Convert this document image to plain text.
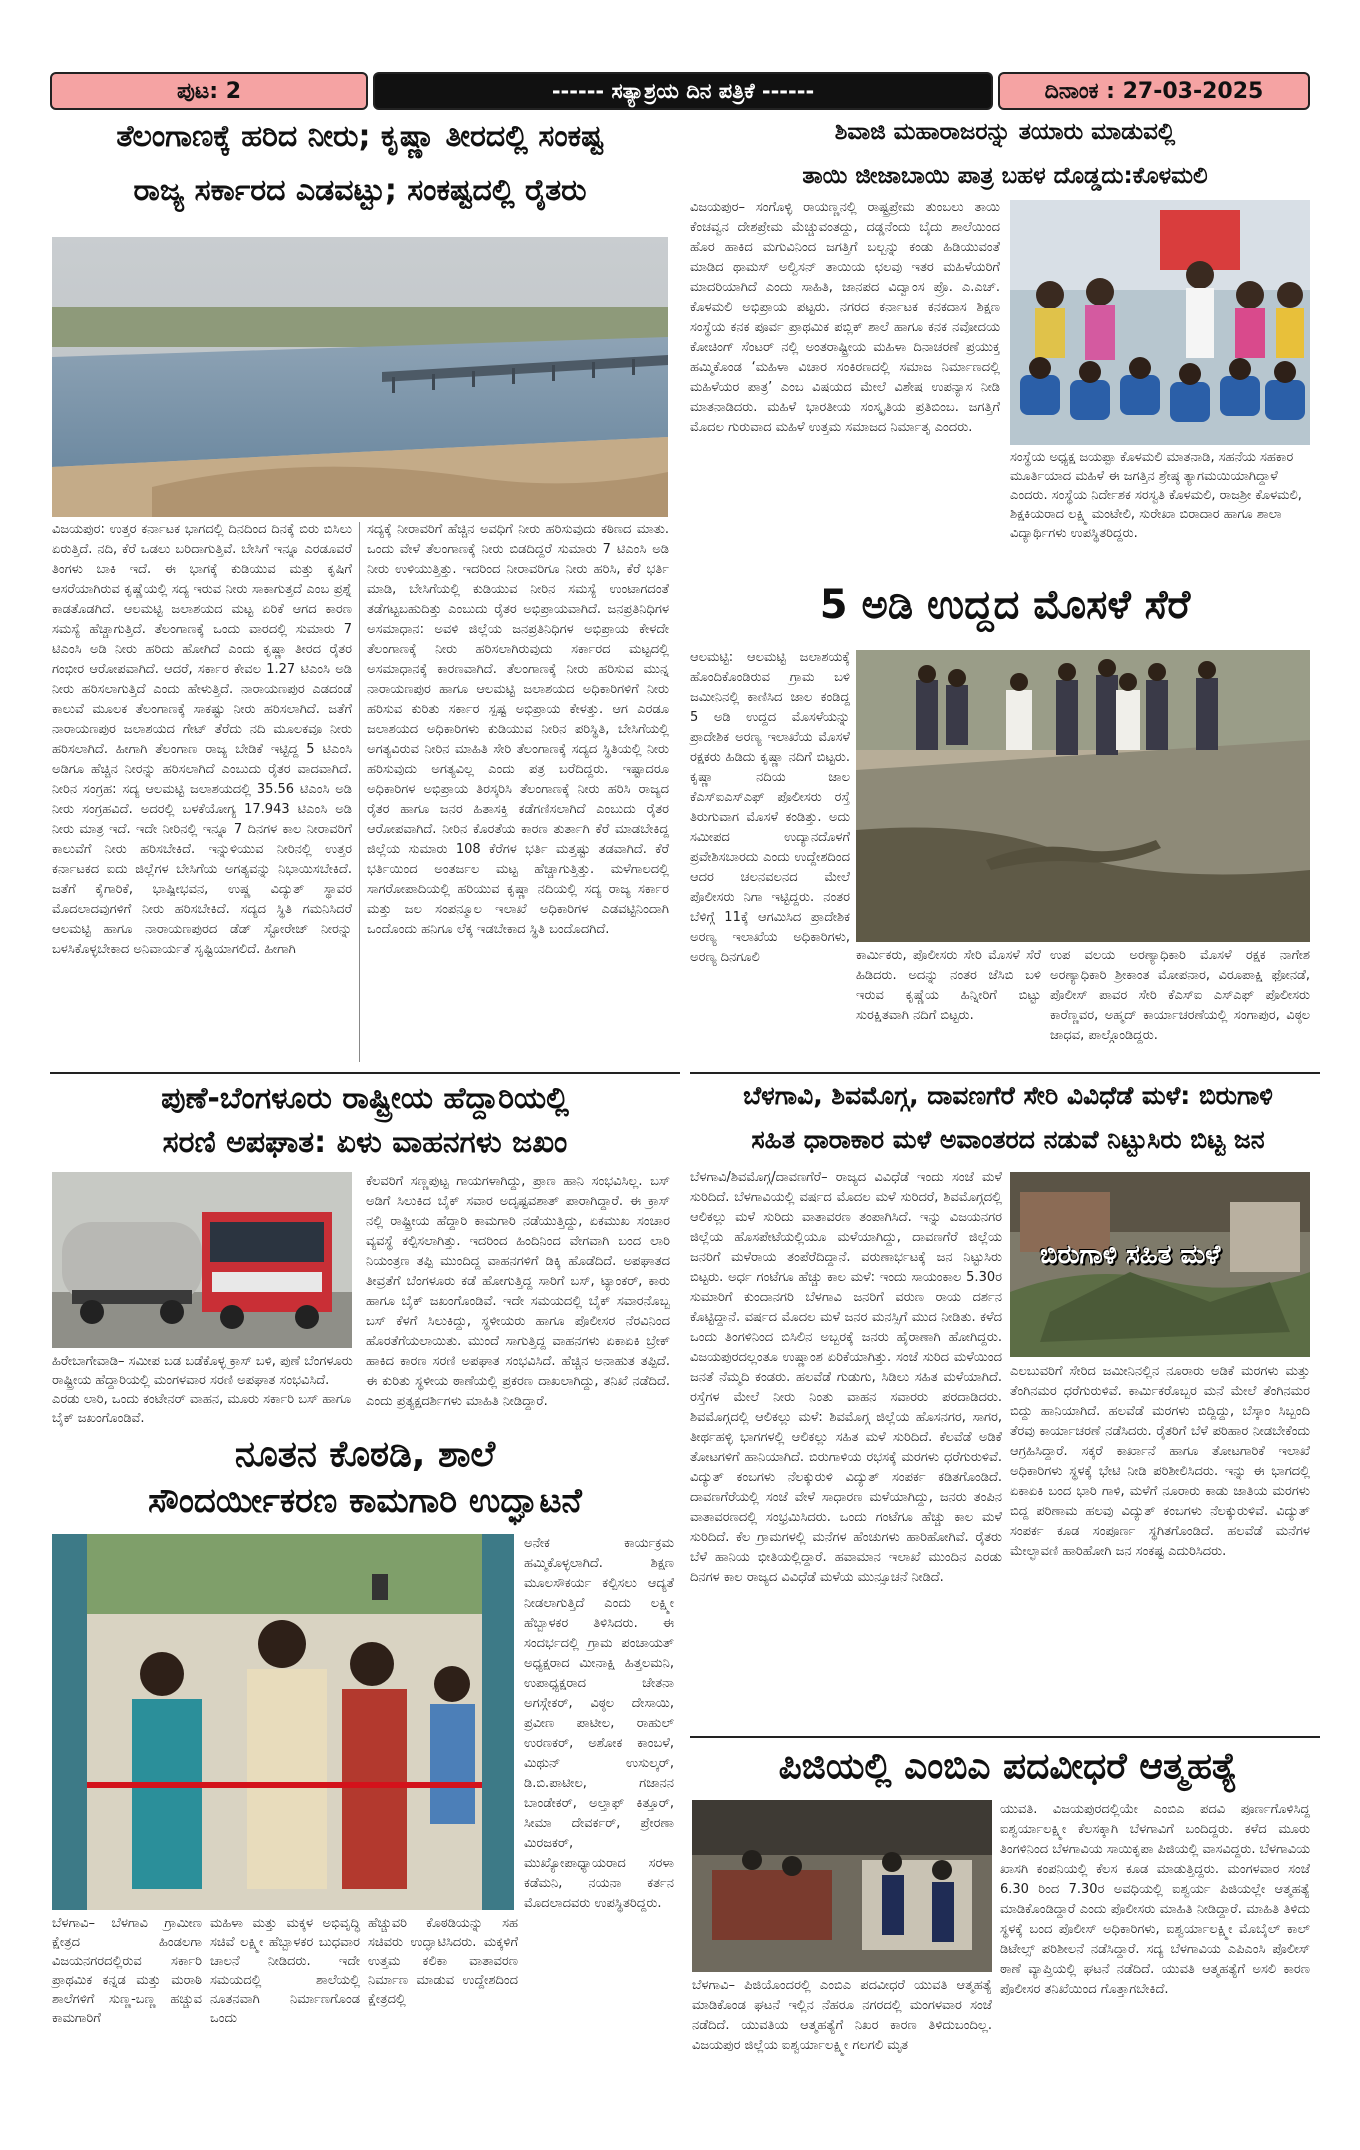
ಪುಟ: 2	------ ಸತ್ಯಾಶ್ರಯ ದಿನ ಪತ್ರಿಕೆ ------	ದಿನಾಂಕ : 27-03-2025
ತೆಲಂಗಾಣಕ್ಕೆ ಹರಿದ ನೀರು; ಕೃಷ್ಣಾ ತೀರದಲ್ಲಿ ಸಂಕಷ್ಟ
ರಾಜ್ಯ ಸರ್ಕಾರದ ಎಡವಟ್ಟು; ಸಂಕಷ್ಟದಲ್ಲಿ ರೈತರು
ವಿಜಯಪುರ: ಉತ್ತರ ಕರ್ನಾಟಕ ಭಾಗದಲ್ಲಿ ದಿನದಿಂದ ದಿನಕ್ಕೆ ಬಿರು ಬಿಸಿಲು ಏರುತ್ತಿದೆ. ನದಿ, ಕೆರೆ ಒಡಲು ಬರಿದಾಗುತ್ತಿವೆ. ಬೇಸಿಗೆ ಇನ್ನೂ ಎರಡೂವರೆ ತಿಂಗಳು ಬಾಕಿ ಇದೆ. ಈ ಭಾಗಕ್ಕೆ ಕುಡಿಯುವ ಮತ್ತು ಕೃಷಿಗೆ ಆಸರೆಯಾಗಿರುವ ಕೃಷ್ಣೆಯಲ್ಲಿ ಸದ್ಯ ಇರುವ ನೀರು ಸಾಕಾಗುತ್ತದೆ ಎಂಬ ಪ್ರಶ್ನೆ ಕಾಡತೊಡಗಿದೆ. ಆಲಮಟ್ಟಿ ಜಲಾಶಯದ ಮಟ್ಟ ಏರಿಕೆ ಆಗದ ಕಾರಣ ಸಮಸ್ಯೆ ಹೆಚ್ಚಾಗುತ್ತಿದೆ. ತೆಲಂಗಾಣಕ್ಕೆ ಒಂದು ವಾರದಲ್ಲಿ ಸುಮಾರು 7 ಟಿಎಂಸಿ ಅಡಿ ನೀರು ಹರಿದು ಹೋಗಿದೆ ಎಂದು ಕೃಷ್ಣಾ ತೀರದ ರೈತರ ಗಂಭೀರ ಆರೋಪವಾಗಿದೆ. ಆದರೆ, ಸರ್ಕಾರ ಕೇವಲ 1.27 ಟಿಎಂಸಿ ಅಡಿ ನೀರು ಹರಿಸಲಾಗುತ್ತಿದೆ ಎಂದು ಹೇಳುತ್ತಿದೆ. ನಾರಾಯಣಪುರ ಎಡದಂಡೆ ಕಾಲುವೆ ಮೂಲಕ ತೆಲಂಗಾಣಕ್ಕೆ ಸಾಕಷ್ಟು ನೀರು ಹರಿಸಲಾಗಿದೆ. ಜತೆಗೆ ನಾರಾಯಣಪುರ ಜಲಾಶಯದ ಗೇಟ್ ತೆರೆದು ನದಿ ಮೂಲಕವೂ ನೀರು ಹರಿಸಲಾಗಿದೆ. ಹೀಗಾಗಿ ತೆಲಂಗಾಣ ರಾಜ್ಯ ಬೇಡಿಕೆ ಇಟ್ಟಿದ್ದ 5 ಟಿಎಂಸಿ ಅಡಿಗೂ ಹೆಚ್ಚಿನ ನೀರನ್ನು ಹರಿಸಲಾಗಿದೆ ಎಂಬುದು ರೈತರ ವಾದವಾಗಿದೆ. ನೀರಿನ ಸಂಗ್ರಹ: ಸದ್ಯ ಆಲಮಟ್ಟಿ ಜಲಾಶಯದಲ್ಲಿ 35.56 ಟಿಎಂಸಿ ಅಡಿ ನೀರು ಸಂಗ್ರಹವಿದೆ. ಅದರಲ್ಲಿ ಬಳಕೆಯೋಗ್ಯ 17.943 ಟಿಎಂಸಿ ಅಡಿ ನೀರು ಮಾತ್ರ ಇದೆ. ಇದೇ ನೀರಿನಲ್ಲಿ ಇನ್ನೂ 7 ದಿನಗಳ ಕಾಲ ನೀರಾವರಿಗೆ ಕಾಲುವೆಗೆ ನೀರು ಹರಿಸಬೇಕಿದೆ. ಇನ್ನುಳಿಯುವ ನೀರಿನಲ್ಲಿ ಉತ್ತರ ಕರ್ನಾಟಕದ ಐದು ಜಿಲ್ಲೆಗಳ ಬೇಸಿಗೆಯ ಅಗತ್ಯವನ್ನು ನಿಭಾಯಿಸಬೇಕಿದೆ. ಜತೆಗೆ ಕೈಗಾರಿಕೆ, ಭಾಷ್ಪೀಭವನ, ಉಷ್ಣ ವಿದ್ಯುತ್ ಸ್ಥಾವರ ಮೊದಲಾದವುಗಳಿಗೆ ನೀರು ಹರಿಸಬೇಕಿದೆ. ಸದ್ಯದ ಸ್ಥಿತಿ ಗಮನಿಸಿದರೆ ಆಲಮಟ್ಟಿ ಹಾಗೂ ನಾರಾಯಣಪುರದ ಡೆಡ್ ಸ್ಟೋರೇಜ್ ನೀರನ್ನು ಬಳಸಿಕೊಳ್ಳಬೇಕಾದ ಅನಿವಾರ್ಯತೆ ಸೃಷ್ಟಿಯಾಗಲಿದೆ. ಹೀಗಾಗಿ
ಸದ್ಯಕ್ಕೆ ನೀರಾವರಿಗೆ ಹೆಚ್ಚಿನ ಅವಧಿಗೆ ನೀರು ಹರಿಸುವುದು ಕಠಿಣದ ಮಾತು. ಒಂದು ವೇಳೆ ತೆಲಂಗಾಣಕ್ಕೆ ನೀರು ಬಿಡದಿದ್ದರೆ ಸುಮಾರು 7 ಟಿಎಂಸಿ ಅಡಿ ನೀರು ಉಳಿಯುತ್ತಿತ್ತು. ಇದರಿಂದ ನೀರಾವರಿಗೂ ನೀರು ಹರಿಸಿ, ಕೆರೆ ಭರ್ತಿ ಮಾಡಿ, ಬೇಸಿಗೆಯಲ್ಲಿ ಕುಡಿಯುವ ನೀರಿನ ಸಮಸ್ಯೆ ಉಂಟಾಗದಂತೆ ತಡೆಗಟ್ಟಬಹುದಿತ್ತು ಎಂಬುದು ರೈತರ ಅಭಿಪ್ರಾಯವಾಗಿದೆ. ಜನಪ್ರತಿನಿಧಿಗಳ ಅಸಮಾಧಾನ: ಅವಳಿ ಜಿಲ್ಲೆಯ ಜನಪ್ರತಿನಿಧಿಗಳ ಅಭಿಪ್ರಾಯ ಕೇಳದೇ ತೆಲಂಗಾಣಕ್ಕೆ ನೀರು ಹರಿಸಲಾಗಿರುವುದು ಸರ್ಕಾರದ ಮಟ್ಟದಲ್ಲಿ ಅಸಮಾಧಾನಕ್ಕೆ ಕಾರಣವಾಗಿದೆ. ತೆಲಂಗಾಣಕ್ಕೆ ನೀರು ಹರಿಸುವ ಮುನ್ನ ನಾರಾಯಣಪುರ ಹಾಗೂ ಆಲಮಟ್ಟಿ ಜಲಾಶಯದ ಅಧಿಕಾರಿಗಳಿಗೆ ನೀರು ಹರಿಸುವ ಕುರಿತು ಸರ್ಕಾರ ಸ್ಪಷ್ಟ ಅಭಿಪ್ರಾಯ ಕೇಳತ್ತು. ಆಗ ಎರಡೂ ಜಲಾಶಯದ ಅಧಿಕಾರಿಗಳು ಕುಡಿಯುವ ನೀರಿನ ಪರಿಸ್ಥಿತಿ, ಬೇಸಿಗೆಯಲ್ಲಿ ಅಗತ್ಯವಿರುವ ನೀರಿನ ಮಾಹಿತಿ ಸೇರಿ ತೆಲಂಗಾಣಕ್ಕೆ ಸದ್ಯದ ಸ್ಥಿತಿಯಲ್ಲಿ ನೀರು ಹರಿಸುವುದು ಅಗತ್ಯವಿಲ್ಲ ಎಂದು ಪತ್ರ ಬರೆದಿದ್ದರು. ಇಷ್ಟಾದರೂ ಅಧಿಕಾರಿಗಳ ಅಭಿಪ್ರಾಯ ತಿರಸ್ಕರಿಸಿ ತೆಲಂಗಾಣಕ್ಕೆ ನೀರು ಹರಿಸಿ ರಾಜ್ಯದ ರೈತರ ಹಾಗೂ ಜನರ ಹಿತಾಸಕ್ತಿ ಕಡೆಗಣಿಸಲಾಗಿದೆ ಎಂಬುದು ರೈತರ ಆರೋಪವಾಗಿದೆ. ನೀರಿನ ಕೊರತೆಯ ಕಾರಣ ತುರ್ತಾಗಿ ಕೆರೆ ಮಾಡಬೇಕಿದ್ದ ಜಿಲ್ಲೆಯ ಸುಮಾರು 108 ಕೆರೆಗಳ ಭರ್ತಿ ಮತ್ತಷ್ಟು ತಡವಾಗಿದೆ. ಕೆರೆ ಭರ್ತಿಯಿಂದ ಅಂತರ್ಜಲ ಮಟ್ಟ ಹೆಚ್ಚಾಗುತ್ತಿತ್ತು. ಮಳೆಗಾಲದಲ್ಲಿ ಸಾಗರೋಪಾದಿಯಲ್ಲಿ ಹರಿಯುವ ಕೃಷ್ಣಾ ನದಿಯಲ್ಲಿ ಸದ್ಯ ರಾಜ್ಯ ಸರ್ಕಾರ ಮತ್ತು ಜಲ ಸಂಪನ್ಮೂಲ ಇಲಾಖೆ ಅಧಿಕಾರಿಗಳ ಎಡವಟ್ಟಿನಿಂದಾಗಿ ಒಂದೊಂದು ಹನಿಗೂ ಲೆಕ್ಕ ಇಡಬೇಕಾದ ಸ್ಥಿತಿ ಬಂದೊದಗಿದೆ.
ಶಿವಾಜಿ ಮಹಾರಾಜರನ್ನು ತಯಾರು ಮಾಡುವಲ್ಲಿ
ತಾಯಿ ಜೀಜಾಬಾಯಿ ಪಾತ್ರ ಬಹಳ ದೊಡ್ಡದು:ಕೊಳಮಲಿ
ವಿಜಯಪುರ– ಸಂಗೊಳ್ಳಿ ರಾಯಣ್ಣನಲ್ಲಿ ರಾಷ್ಟ್ರಪ್ರೇಮ ತುಂಬಲು ತಾಯಿ ಕೆಂಚವ್ವನ ದೇಶಪ್ರೇಮ ಮೆಚ್ಚುವಂತದ್ದು, ದಡ್ಡನೆಂದು ಬೈದು ಶಾಲೆಯಿಂದ ಹೊರ ಹಾಕಿದ ಮಗುವಿನಿಂದ ಜಗತ್ತಿಗೆ ಬಲ್ಬನ್ನು ಕಂಡು ಹಿಡಿಯುವಂತೆ ಮಾಡಿದ ಥಾಮಸ್ ಅಲ್ವಿಸನ್ ತಾಯಿಯ ಛಲವು ಇತರ ಮಹಿಳೆಯರಿಗೆ ಮಾದರಿಯಾಗಿದೆ ಎಂದು ಸಾಹಿತಿ, ಜಾನಪದ ವಿದ್ವಾಂಸ ಪ್ರೊ. ಎ.ಎಚ್. ಕೊಳಮಲಿ ಅಭಿಪ್ರಾಯ ಪಟ್ಟರು. ನಗರದ ಕರ್ನಾಟಕ ಕನಕದಾಸ ಶಿಕ್ಷಣ ಸಂಸ್ಥೆಯ ಕನಕ ಪೂರ್ವ ಪ್ರಾಥಮಿಕ ಪಬ್ಲಿಕ್ ಶಾಲೆ ಹಾಗೂ ಕನಕ ನವೋದಯ ಕೋಚಿಂಗ್ ಸೆಂಟರ್ ನಲ್ಲಿ ಅಂತರಾಷ್ಟ್ರೀಯ ಮಹಿಳಾ ದಿನಾಚರಣೆ ಪ್ರಯುಕ್ತ ಹಮ್ಮಿಕೊಂಡ ‘ಮಹಿಳಾ ವಿಚಾರ ಸಂಕಿರಣದಲ್ಲಿ ಸಮಾಜ ನಿರ್ಮಾಣದಲ್ಲಿ ಮಹಿಳೆಯರ ಪಾತ್ರ’ ಎಂಬ ವಿಷಯದ ಮೇಲೆ ವಿಶೇಷ ಉಪನ್ಯಾಸ ನೀಡಿ ಮಾತನಾಡಿದರು. ಮಹಿಳೆ ಭಾರತೀಯ ಸಂಸ್ಕೃತಿಯ ಪ್ರತಿಬಿಂಬ. ಜಗತ್ತಿಗೆ ಮೊದಲ ಗುರುವಾದ ಮಹಿಳೆ ಉತ್ತಮ ಸಮಾಜದ ನಿರ್ಮಾತೃ ಎಂದರು.
ಸಂಸ್ಥೆಯ ಅಧ್ಯಕ್ಷ ಜಯಪ್ಪಾ ಕೊಳಮಲಿ ಮಾತನಾಡಿ, ಸಹನೆಯ ಸಹಕಾರ ಮೂರ್ತಿಯಾದ ಮಹಿಳೆ ಈ ಜಗತ್ತಿನ ಶ್ರೇಷ್ಠ ತ್ಯಾಗಮಯಿಯಾಗಿದ್ದಾಳೆ ಎಂದರು. ಸಂಸ್ಥೆಯ ನಿರ್ದೇಶಕ ಸರಸ್ವತಿ ಕೊಳಮಲಿ, ರಾಜಶ್ರೀ ಕೊಳಮಲಿ, ಶಿಕ್ಷಕಿಯರಾದ ಲಕ್ಷ್ಮಿ ಮಂಟೇಲಿ, ಸುರೇಖಾ ಬಿರಾದಾರ ಹಾಗೂ ಶಾಲಾ ವಿದ್ಯಾರ್ಥಿಗಳು ಉಪಸ್ಥಿತರಿದ್ದರು.
5 ಅಡಿ ಉದ್ದದ ಮೊಸಳೆ ಸೆರೆ
ಆಲಮಟ್ಟಿ: ಆಲಮಟ್ಟಿ ಜಲಾಶಯಕ್ಕೆ ಹೊಂದಿಕೊಂಡಿರುವ ಗ್ರಾಮ ಬಳಿ ಜಮೀನಿನಲ್ಲಿ ಕಾಣಿಸಿದ ಜಾಲ ಕಂಡಿದ್ದ 5 ಅಡಿ ಉದ್ದದ ಮೊಸಳೆಯನ್ನು ಪ್ರಾದೇಶಿಕ ಅರಣ್ಯ ಇಲಾಖೆಯ ಮೊಸಳೆ ರಕ್ಷಕರು ಹಿಡಿದು ಕೃಷ್ಣಾ ನದಿಗೆ ಬಿಟ್ಟರು. ಕೃಷ್ಣಾ ನದಿಯ ಜಾಲ ಕೆಎಸ್ಐಎಸ್ಎಫ್ ಪೊಲೀಸರು ರಸ್ತೆ ತಿರುಗುವಾಗ ಮೊಸಳೆ ಕಂಡಿತ್ತು. ಅದು ಸಮೀಪದ ಉದ್ಯಾನದೊಳಗೆ ಪ್ರವೇಶಿಸಬಾರದು ಎಂದು ಉದ್ದೇಶದಿಂದ ಆದರ ಚಲನವಲನದ ಮೇಲೆ ಪೊಲೀಸರು ನಿಗಾ ಇಟ್ಟಿದ್ದರು. ನಂತರ ಬೆಳಿಗ್ಗೆ 11ಕ್ಕೆ ಆಗಮಿಸಿದ ಪ್ರಾದೇಶಿಕ ಅರಣ್ಯ ಇಲಾಖೆಯ ಅಧಿಕಾರಿಗಳು, ಅರಣ್ಯ ದಿನಗೂಲಿ	ಕಾರ್ಮಿಕರು, ಪೊಲೀಸರು ಸೇರಿ ಮೊಸಳೆ ಸೆರೆ ಹಿಡಿದರು. ಅದನ್ನು ನಂತರ ಜೆಸಿಬಿ ಬಳಿ ಇರುವ ಕೃಷ್ಣೆಯ ಹಿನ್ನೀರಿಗೆ ಬಿಟ್ಟು ಸುರಕ್ಷಿತವಾಗಿ ನದಿಗೆ ಬಿಟ್ಟರು.
ಉಪ ವಲಯ ಅರಣ್ಯಾಧಿಕಾರಿ ಮೊಸಳೆ ರಕ್ಷಕ ನಾಗೇಶ ಅರಣ್ಯಾಧಿಕಾರಿ ಶ್ರೀಕಾಂತ ಮೋಪನಾರ, ವಿರೂಪಾಕ್ಷಿ ಫೋನಡೆ, ಪೊಲೀಸ್ ಪಾವರ ಸೇರಿ ಕೆಎಸ್ಐ ಎಸ್ಎಫ್ ಪೊಲೀಸರು ಕಾರೆಣ್ಣವರ, ಅಹ್ಮದ್ ಕಾರ್ಯಾಚರಣೆಯಲ್ಲಿ ಸಂಗಾಪುರ, ವಿಠ್ಠಲ ಜಾಧವ, ಪಾಲ್ಗೊಂಡಿದ್ದರು.
ಪುಣೆ-ಬೆಂಗಳೂರು ರಾಷ್ಟ್ರೀಯ ಹೆದ್ದಾರಿಯಲ್ಲಿ
ಸರಣಿ ಅಪಘಾತ: ಏಳು ವಾಹನಗಳು ಜಖಂ
ಹಿರೇಬಾಗೇವಾಡಿ– ಸಮೀಪ ಬಡ ಬಡೆಕೊಳ್ಳ ಕ್ರಾಸ್ ಬಳಿ, ಪುಣೆ ಬೆಂಗಳೂರು ರಾಷ್ಟ್ರೀಯ ಹೆದ್ದಾರಿಯಲ್ಲಿ ಮಂಗಳವಾರ ಸರಣಿ ಅಪಘಾತ ಸಂಭವಿಸಿದೆ. ಎರಡು ಲಾರಿ, ಒಂದು ಕಂಟೇನರ್ ವಾಹನ, ಮೂರು ಸರ್ಕಾರಿ ಬಸ್ ಹಾಗೂ ಬೈಕ್ ಜಖಂಗೊಂಡಿವೆ.
ಕೆಲವರಿಗೆ ಸಣ್ಣಪುಟ್ಟ ಗಾಯಗಳಾಗಿದ್ದು, ಪ್ರಾಣ ಹಾನಿ ಸಂಭವಿಸಿಲ್ಲ. ಬಸ್ ಅಡಿಗೆ ಸಿಲುಕಿದ ಬೈಕ್ ಸವಾರ ಅದೃಷ್ಟವಶಾತ್ ಪಾರಾಗಿದ್ದಾರೆ. ಈ ಕ್ರಾಸ್ ನಲ್ಲಿ ರಾಷ್ಟ್ರೀಯ ಹೆದ್ದಾರಿ ಕಾಮಗಾರಿ ನಡೆಯುತ್ತಿದ್ದು, ಏಕಮುಖ ಸಂಚಾರ ವ್ಯವಸ್ಥೆ ಕಲ್ಪಿಸಲಾಗಿತ್ತು. ಇದರಿಂದ ಹಿಂದಿನಿಂದ ವೇಗವಾಗಿ ಬಂದ ಲಾರಿ ನಿಯಂತ್ರಣ ತಪ್ಪಿ ಮುಂದಿದ್ದ ವಾಹನಗಳಿಗೆ ಡಿಕ್ಕಿ ಹೊಡೆದಿದೆ. ಅಪಘಾತದ ತೀವ್ರತೆಗೆ ಬೆಂಗಳೂರು ಕಡೆ ಹೋಗುತ್ತಿದ್ದ ಸಾರಿಗೆ ಬಸ್, ಟ್ಯಾಂಕರ್, ಕಾರು ಹಾಗೂ ಬೈಕ್ ಜಖಂಗೊಂಡಿವೆ. ಇದೇ ಸಮಯದಲ್ಲಿ ಬೈಕ್ ಸವಾರನೊಬ್ಬ ಬಸ್ ಕೆಳಗೆ ಸಿಲುಕಿದ್ದು, ಸ್ಥಳೀಯರು ಹಾಗೂ ಪೊಲೀಸರ ನೆರವಿನಿಂದ ಹೊರತೆಗೆಯಲಾಯಿತು. ಮುಂದೆ ಸಾಗುತ್ತಿದ್ದ ವಾಹನಗಳು ಏಕಾಏಕಿ ಬ್ರೇಕ್ ಹಾಕಿದ ಕಾರಣ ಸರಣಿ ಅಪಘಾತ ಸಂಭವಿಸಿದೆ. ಹೆಚ್ಚಿನ ಅನಾಹುತ ತಪ್ಪಿದೆ. ಈ ಕುರಿತು ಸ್ಥಳೀಯ ಠಾಣೆಯಲ್ಲಿ ಪ್ರಕರಣ ದಾಖಲಾಗಿದ್ದು, ತನಿಖೆ ನಡೆದಿದೆ. ಎಂದು ಪ್ರತ್ಯಕ್ಷದರ್ಶಿಗಳು ಮಾಹಿತಿ ನೀಡಿದ್ದಾರೆ.
ಬೆಳಗಾವಿ, ಶಿವಮೊಗ್ಗ, ದಾವಣಗೆರೆ ಸೇರಿ ವಿವಿಧೆಡೆ ಮಳೆ: ಬಿರುಗಾಳಿ
ಸಹಿತ ಧಾರಾಕಾರ ಮಳೆ ಅವಾಂತರದ ನಡುವೆ ನಿಟ್ಟುಸಿರು ಬಿಟ್ಟ ಜನ
ಬೆಳಗಾವಿ/ಶಿವಮೊಗ್ಗ/ದಾವಣಗೆರೆ– ರಾಜ್ಯದ ವಿವಿಧೆಡೆ ಇಂದು ಸಂಜೆ ಮಳೆ ಸುರಿದಿದೆ. ಬೆಳಗಾವಿಯಲ್ಲಿ ವರ್ಷದ ಮೊದಲ ಮಳೆ ಸುರಿದರೆ, ಶಿವಮೊಗ್ಗದಲ್ಲಿ ಆಲಿಕಲ್ಲು ಮಳೆ ಸುರಿದು ವಾತಾವರಣ ತಂಪಾಗಿಸಿದೆ. ಇನ್ನು ವಿಜಯನಗರ ಜಿಲ್ಲೆಯ ಹೊಸಪೇಟೆಯಲ್ಲಿಯೂ ಮಳೆಯಾಗಿದ್ದು, ದಾವಣಗೆರೆ ಜಿಲ್ಲೆಯ ಜನರಿಗೆ ಮಳೆರಾಯ ತಂಪೆರೆದಿದ್ದಾನೆ. ವರುಣಾರ್ಭಟಕ್ಕೆ ಜನ ನಿಟ್ಟುಸಿರು ಬಿಟ್ಟರು. ಅರ್ಧ ಗಂಟೆಗೂ ಹೆಚ್ಚು ಕಾಲ ಮಳೆ: ಇಂದು ಸಾಯಂಕಾಲ 5.30ರ ಸುಮಾರಿಗೆ ಕುಂದಾನಗರಿ ಬೆಳಗಾವಿ ಜನರಿಗೆ ವರುಣ ರಾಯ ದರ್ಶನ ಕೊಟ್ಟಿದ್ದಾನೆ. ವರ್ಷದ ಮೊದಲ ಮಳೆ ಜನರ ಮನಸ್ಸಿಗೆ ಮುದ ನೀಡಿತು. ಕಳೆದ ಒಂದು ತಿಂಗಳಿನಿಂದ ಬಿಸಿಲಿನ ಅಬ್ಬರಕ್ಕೆ ಜನರು ಹೈರಾಣಾಗಿ ಹೋಗಿದ್ದರು. ವಿಜಯಪುರದಲ್ಲಂತೂ ಉಷ್ಣಾಂಶ ಏರಿಕೆಯಾಗಿತ್ತು. ಸಂಜೆ ಸುರಿದ ಮಳೆಯಿಂದ ಜನತೆ ನೆಮ್ಮದಿ ಕಂಡರು. ಹಲವೆಡೆ ಗುಡುಗು, ಸಿಡಿಲು ಸಹಿತ ಮಳೆಯಾಗಿದೆ. ರಸ್ತೆಗಳ ಮೇಲೆ ನೀರು ನಿಂತು ವಾಹನ ಸವಾರರು ಪರದಾಡಿದರು. ಶಿವಮೊಗ್ಗದಲ್ಲಿ ಆಲಿಕಲ್ಲು ಮಳೆ: ಶಿವಮೊಗ್ಗ ಜಿಲ್ಲೆಯ ಹೊಸನಗರ, ಸಾಗರ, ತೀರ್ಥಹಳ್ಳಿ ಭಾಗಗಳಲ್ಲಿ ಆಲಿಕಲ್ಲು ಸಹಿತ ಮಳೆ ಸುರಿದಿದೆ. ಕೆಲವೆಡೆ ಅಡಿಕೆ ತೋಟಗಳಿಗೆ ಹಾನಿಯಾಗಿದೆ. ಬಿರುಗಾಳಿಯ ರಭಸಕ್ಕೆ ಮರಗಳು ಧರೆಗುರುಳಿವೆ. ವಿದ್ಯುತ್ ಕಂಬಗಳು ನೆಲಕ್ಕುರುಳಿ ವಿದ್ಯುತ್ ಸಂಪರ್ಕ ಕಡಿತಗೊಂಡಿದೆ. ದಾವಣಗೆರೆಯಲ್ಲಿ ಸಂಜೆ ವೇಳೆ ಸಾಧಾರಣ ಮಳೆಯಾಗಿದ್ದು, ಜನರು ತಂಪಿನ ವಾತಾವರಣದಲ್ಲಿ ಸಂಭ್ರಮಿಸಿದರು. ಒಂದು ಗಂಟೆಗೂ ಹೆಚ್ಚು ಕಾಲ ಮಳೆ ಸುರಿದಿದೆ. ಕೆಲ ಗ್ರಾಮಗಳಲ್ಲಿ ಮನೆಗಳ ಹೆಂಚುಗಳು ಹಾರಿಹೋಗಿವೆ. ರೈತರು ಬೆಳೆ ಹಾನಿಯ ಭೀತಿಯಲ್ಲಿದ್ದಾರೆ. ಹವಾಮಾನ ಇಲಾಖೆ ಮುಂದಿನ ಎರಡು ದಿನಗಳ ಕಾಲ ರಾಜ್ಯದ ವಿವಿಧೆಡೆ ಮಳೆಯ ಮುನ್ಸೂಚನೆ ನೀಡಿದೆ.
ಬಿರುಗಾಳಿ ಸಹಿತ ಮಳೆ
ಎಲಬುವರಿಗೆ ಸೇರಿದ ಜಮೀನಿನಲ್ಲಿನ ನೂರಾರು ಅಡಿಕೆ ಮರಗಳು ಮತ್ತು ತೆಂಗಿನಮರ ಧರೆಗುರುಳಿವೆ. ಕಾರ್ಮಿಕರೊಬ್ಬರ ಮನೆ ಮೇಲೆ ತೆಂಗಿನಮರ ಬಿದ್ದು ಹಾನಿಯಾಗಿದೆ. ಹಲವೆಡೆ ಮರಗಳು ಬಿದ್ದಿದ್ದು, ಬೆಸ್ಕಾಂ ಸಿಬ್ಬಂದಿ ತೆರವು ಕಾರ್ಯಾಚರಣೆ ನಡೆಸಿದರು. ರೈತರಿಗೆ ಬೆಳೆ ಪರಿಹಾರ ನೀಡಬೇಕೆಂದು ಆಗ್ರಹಿಸಿದ್ದಾರೆ. ಸಕ್ಕರೆ ಕಾರ್ಖಾನೆ ಹಾಗೂ ತೋಟಗಾರಿಕೆ ಇಲಾಖೆ ಅಧಿಕಾರಿಗಳು ಸ್ಥಳಕ್ಕೆ ಭೇಟಿ ನೀಡಿ ಪರಿಶೀಲಿಸಿದರು. ಇನ್ನು ಈ ಭಾಗದಲ್ಲಿ ಏಕಾಏಕಿ ಬಂದ ಭಾರಿ ಗಾಳಿ, ಮಳೆಗೆ ನೂರಾರು ಕಾಡು ಜಾತಿಯ ಮರಗಳು ಬಿದ್ದ ಪರಿಣಾಮ ಹಲವು ವಿದ್ಯುತ್ ಕಂಬಗಳು ನೆಲಕ್ಕುರುಳಿವೆ. ವಿದ್ಯುತ್ ಸಂಪರ್ಕ ಕೂಡ ಸಂಪೂರ್ಣ ಸ್ಥಗಿತಗೊಂಡಿದೆ. ಹಲವೆಡೆ ಮನೆಗಳ ಮೇಲ್ಛಾವಣಿ ಹಾರಿಹೋಗಿ ಜನ ಸಂಕಷ್ಟ ಎದುರಿಸಿದರು.
ನೂತನ ಕೊಠಡಿ, ಶಾಲೆ
ಸೌಂದರ್ಯೀಕರಣ ಕಾಮಗಾರಿ ಉದ್ಘಾಟನೆ
ಅನೇಕ ಕಾರ್ಯಕ್ರಮ ಹಮ್ಮಿಕೊಳ್ಳಲಾಗಿದೆ. ಶಿಕ್ಷಣ ಮೂಲಸೌಕರ್ಯ ಕಲ್ಪಿಸಲು ಆದ್ಯತೆ ನೀಡಲಾಗುತ್ತಿದೆ ಎಂದು ಲಕ್ಷ್ಮೀ ಹೆಬ್ಬಾಳಕರ ತಿಳಿಸಿದರು. ಈ ಸಂದರ್ಭದಲ್ಲಿ ಗ್ರಾಮ ಪಂಚಾಯತ್ ಅಧ್ಯಕ್ಷರಾದ ಮೀನಾಕ್ಷಿ ಹಿತ್ತಲಮನಿ, ಉಪಾಧ್ಯಕ್ಷರಾದ ಚೇತನಾ ಅಗಸ್ಗೇಕರ್, ವಿಠ್ಠಲ ದೇಸಾಯಿ, ಪ್ರವೀಣ ಪಾಟೀಲ, ರಾಹುಲ್ ಉರಣಕರ್, ಅಶೋಕ ಕಾಂಬಳೆ, ಮಿಥುನ್ ಉಸುಲ್ಕರ್, ಡಿ.ಬಿ.ಪಾಟೀಲ, ಗಜಾನನ ಬಾಂಡೇಕರ್, ಅಲ್ತಾಫ್ ಕಿತ್ತೂರ್, ಸೀಮಾ ದೇವರ್ಕರ್, ಪ್ರೇರಣಾ ಮಿರಜಕರ್, ಮುಖ್ಯೋಪಾಧ್ಯಾಯರಾದ ಸರಳಾ ಕಡೆಮನಿ, ನಯನಾ ಕರ್ತನ ಮೊದಲಾದವರು ಉಪಸ್ಥಿತರಿದ್ದರು.
ಬೆಳಗಾವಿ– ಬೆಳಗಾವಿ ಗ್ರಾಮೀಣ ಕ್ಷೇತ್ರದ ಹಿಂಡಲಗಾ ವಿಜಯನಗರದಲ್ಲಿರುವ ಸರ್ಕಾರಿ ಪ್ರಾಥಮಿಕ ಕನ್ನಡ ಮತ್ತು ಮರಾಠಿ ಶಾಲೆಗಳಿಗೆ ಸುಣ್ಣ-ಬಣ್ಣ ಹಚ್ಚುವ ಕಾಮಗಾರಿಗೆ
ಮಹಿಳಾ ಮತ್ತು ಮಕ್ಕಳ ಅಭಿವೃದ್ಧಿ ಸಚಿವೆ ಲಕ್ಷ್ಮೀ ಹೆಬ್ಬಾಳಕರ ಬುಧವಾರ ಚಾಲನೆ ನೀಡಿದರು. ಇದೇ ಸಮಯದಲ್ಲಿ ಶಾಲೆಯಲ್ಲಿ ನೂತನವಾಗಿ ನಿರ್ಮಾಣಗೊಂಡ ಒಂದು
ಹೆಚ್ಚುವರಿ ಕೊಠಡಿಯನ್ನು ಸಹ ಸಚಿವರು ಉದ್ಘಾಟಿಸಿದರು. ಮಕ್ಕಳಿಗೆ ಉತ್ತಮ ಕಲಿಕಾ ವಾತಾವರಣ ನಿರ್ಮಾಣ ಮಾಡುವ ಉದ್ದೇಶದಿಂದ ಕ್ಷೇತ್ರದಲ್ಲಿ
ಪಿಜಿಯಲ್ಲಿ ಎಂಬಿಎ ಪದವೀಧರೆ ಆತ್ಮಹತ್ಯೆ
ಯುವತಿ. ವಿಜಯಪುರದಲ್ಲಿಯೇ ಎಂಬಿಎ ಪದವಿ ಪೂರ್ಣಗೊಳಿಸಿದ್ದ ಐಶ್ವರ್ಯಾಲಕ್ಷ್ಮೀ ಕೆಲಸಕ್ಕಾಗಿ ಬೆಳಗಾವಿಗೆ ಬಂದಿದ್ದರು. ಕಳೆದ ಮೂರು ತಿಂಗಳಿನಿಂದ ಬೆಳಗಾವಿಯ ಸಾಯಿಕೃಪಾ ಪಿಜಿಯಲ್ಲಿ ವಾಸವಿದ್ದರು. ಬೆಳಗಾವಿಯ ಖಾಸಗಿ ಕಂಪನಿಯಲ್ಲಿ ಕೆಲಸ ಕೂಡ ಮಾಡುತ್ತಿದ್ದರು. ಮಂಗಳವಾರ ಸಂಜೆ 6.30 ರಿಂದ 7.30ರ ಅವಧಿಯಲ್ಲಿ ಐಶ್ವರ್ಯ ಪಿಜಿಯಲ್ಲೇ ಆತ್ಮಹತ್ಯೆ ಮಾಡಿಕೊಂಡಿದ್ದಾರೆ ಎಂದು ಪೊಲೀಸರು ಮಾಹಿತಿ ನೀಡಿದ್ದಾರೆ. ಮಾಹಿತಿ ತಿಳಿದು ಸ್ಥಳಕ್ಕೆ ಬಂದ ಪೊಲೀಸ್ ಅಧಿಕಾರಿಗಳು, ಐಶ್ವರ್ಯಾಲಕ್ಷ್ಮೀ ಮೊಬೈಲ್ ಕಾಲ್ ಡಿಟೇಲ್ಸ್ ಪರಿಶೀಲನೆ ನಡೆಸಿದ್ದಾರೆ. ಸದ್ಯ ಬೆಳಗಾವಿಯ ಎಪಿಎಂಸಿ ಪೊಲೀಸ್ ಠಾಣೆ ವ್ಯಾಪ್ತಿಯಲ್ಲಿ ಘಟನೆ ನಡೆದಿದೆ. ಯುವತಿ ಆತ್ಮಹತ್ಯೆಗೆ ಅಸಲಿ ಕಾರಣ ಪೊಲೀಸರ ತನಿಖೆಯಿಂದ ಗೊತ್ತಾಗಬೇಕಿದೆ.
ಬೆಳಗಾವಿ– ಪಿಜಿಯೊಂದರಲ್ಲಿ ಎಂಬಿಎ ಪದವೀಧರೆ ಯುವತಿ ಆತ್ಮಹತ್ಯೆ ಮಾಡಿಕೊಂಡ ಘಟನೆ ಇಲ್ಲಿನ ನೆಹರೂ ನಗರದಲ್ಲಿ ಮಂಗಳವಾರ ಸಂಜೆ ನಡೆದಿದೆ. ಯುವತಿಯ ಆತ್ಮಹತ್ಯೆಗೆ ನಿಖರ ಕಾರಣ ತಿಳಿದುಬಂದಿಲ್ಲ. ವಿಜಯಪುರ ಜಿಲ್ಲೆಯ ಐಶ್ವರ್ಯಾಲಕ್ಷ್ಮೀ ಗಲಗಲಿ ಮೃತ
